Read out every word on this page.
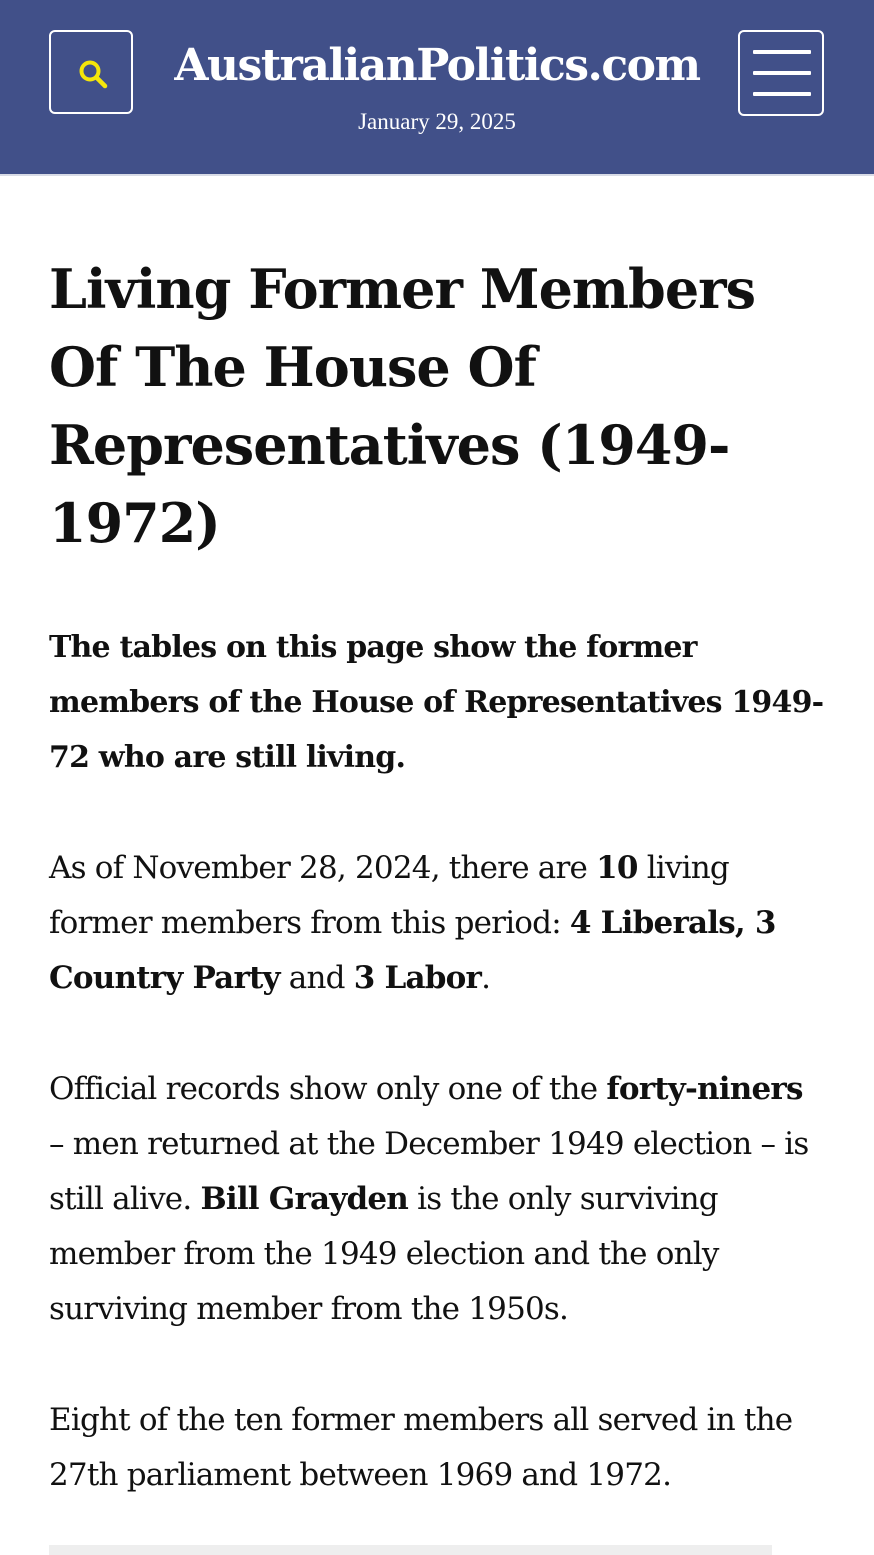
AustralianPolitics.com
January 29, 2025
Living Former Members Of The House Of Representatives (1949-1972)

The tables on this page show the former members of the House of Representatives 1949-72 who are still living.

As of November 28, 2024, there are 10 living former members from this period: 4 Liberals, 3 Country Party and 3 Labor.

Official records show only one of the forty-niners – men returned at the December 1949 election – is still alive. Bill Grayden is the only surviving member from the 1949 election and the only surviving member from the 1950s.

Eight of the ten former members all served in the 27th parliament between 1969 and 1972.
